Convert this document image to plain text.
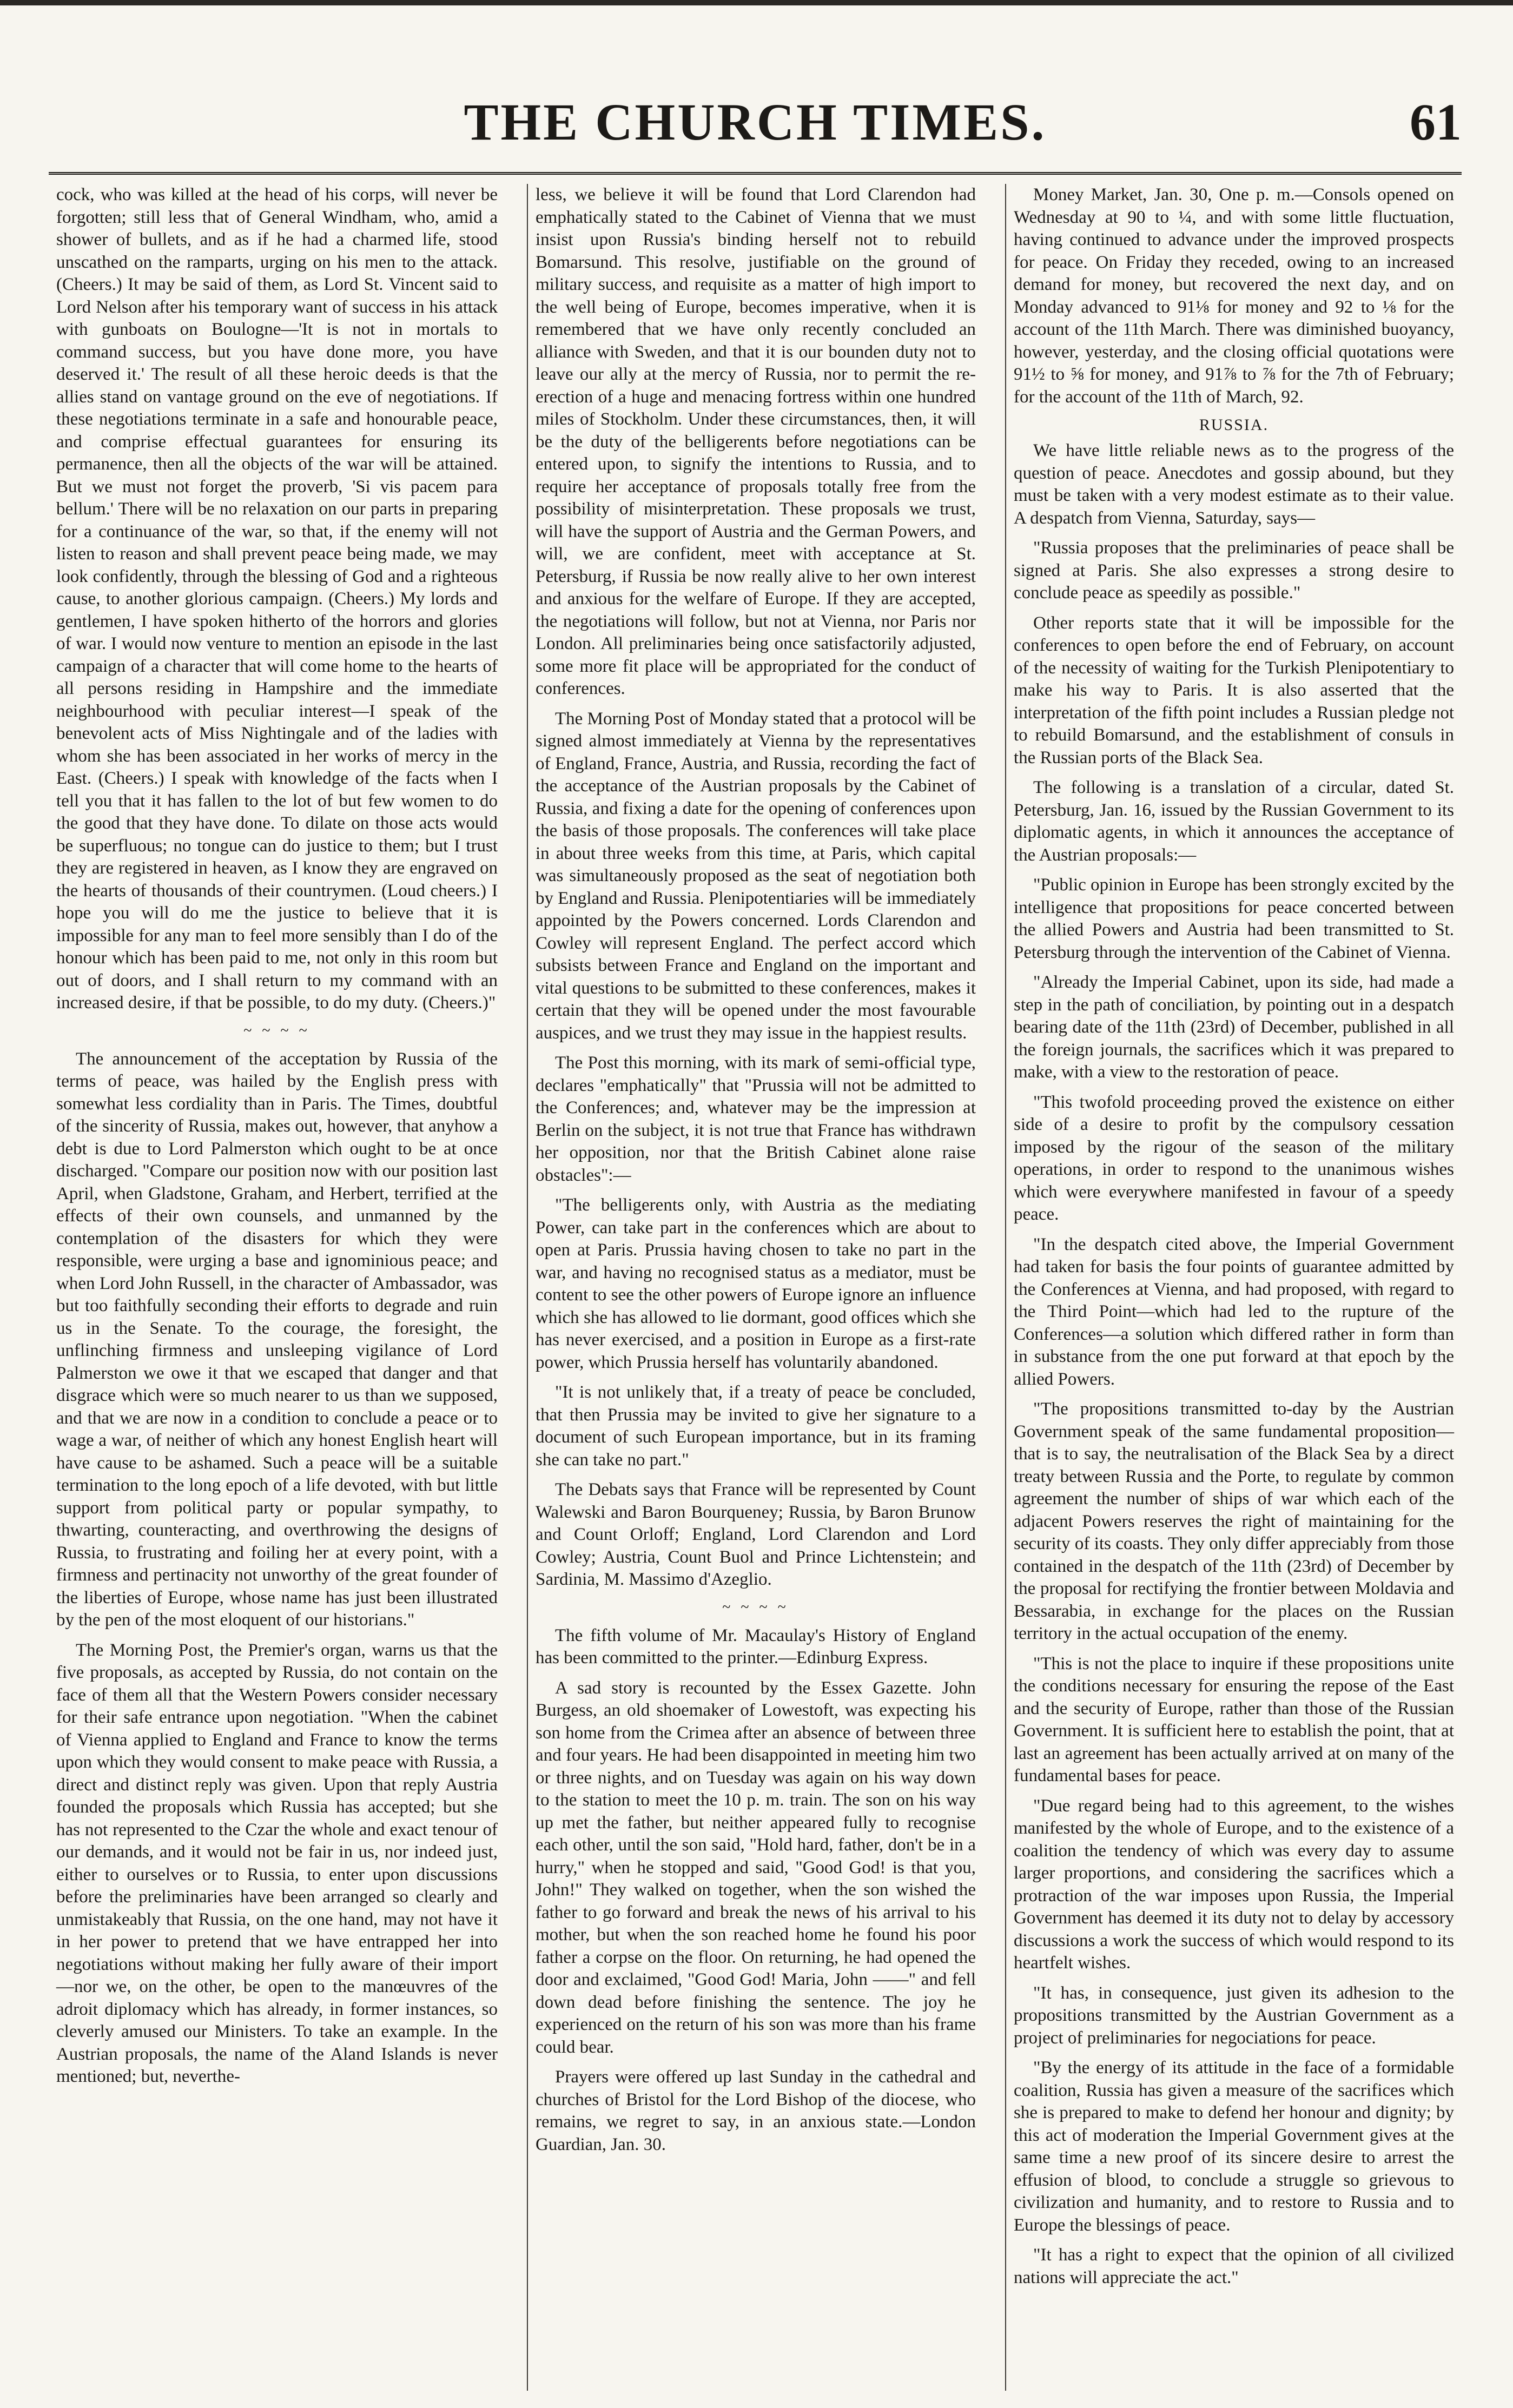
THE CHURCH TIMES.	61

cock, who was killed at the head of his corps, will never be forgotten; still less that of General Windham, who, amid a shower of bullets, and as if he had a charmed life, stood unscathed on the ramparts, urging on his men to the attack. (Cheers.) It may be said of them, as Lord St. Vincent said to Lord Nelson after his temporary want of success in his attack with gunboats on Boulogne—'It is not in mortals to command success, but you have done more, you have deserved it.' The result of all these heroic deeds is that the allies stand on vantage ground on the eve of negotiations. If these negotiations terminate in a safe and honourable peace, and comprise effectual guarantees for ensuring its permanence, then all the objects of the war will be attained. But we must not forget the proverb, 'Si vis pacem para bellum.' There will be no relaxation on our parts in preparing for a continuance of the war, so that, if the enemy will not listen to reason and shall prevent peace being made, we may look confidently, through the blessing of God and a righteous cause, to another glorious campaign. (Cheers.) My lords and gentlemen, I have spoken hitherto of the horrors and glories of war. I would now venture to mention an episode in the last campaign of a character that will come home to the hearts of all persons residing in Hampshire and the immediate neighbourhood with peculiar interest—I speak of the benevolent acts of Miss Nightingale and of the ladies with whom she has been associated in her works of mercy in the East. (Cheers.) I speak with knowledge of the facts when I tell you that it has fallen to the lot of but few women to do the good that they have done. To dilate on those acts would be superfluous; no tongue can do justice to them; but I trust they are registered in heaven, as I know they are engraved on the hearts of thousands of their countrymen. (Loud cheers.) I hope you will do me the justice to believe that it is impossible for any man to feel more sensibly than I do of the honour which has been paid to me, not only in this room but out of doors, and I shall return to my command with an increased desire, if that be possible, to do my duty. (Cheers.)"

~ ~ ~ ~

The announcement of the acceptation by Russia of the terms of peace, was hailed by the English press with somewhat less cordiality than in Paris. The Times, doubtful of the sincerity of Russia, makes out, however, that anyhow a debt is due to Lord Palmerston which ought to be at once discharged. "Compare our position now with our position last April, when Gladstone, Graham, and Herbert, terrified at the effects of their own counsels, and unmanned by the contemplation of the disasters for which they were responsible, were urging a base and ignominious peace; and when Lord John Russell, in the character of Ambassador, was but too faithfully seconding their efforts to degrade and ruin us in the Senate. To the courage, the foresight, the unflinching firmness and unsleeping vigilance of Lord Palmerston we owe it that we escaped that danger and that disgrace which were so much nearer to us than we supposed, and that we are now in a condition to conclude a peace or to wage a war, of neither of which any honest English heart will have cause to be ashamed. Such a peace will be a suitable termination to the long epoch of a life devoted, with but little support from political party or popular sympathy, to thwarting, counteracting, and overthrowing the designs of Russia, to frustrating and foiling her at every point, with a firmness and pertinacity not unworthy of the great founder of the liberties of Europe, whose name has just been illustrated by the pen of the most eloquent of our historians."

The Morning Post, the Premier's organ, warns us that the five proposals, as accepted by Russia, do not contain on the face of them all that the Western Powers consider necessary for their safe entrance upon negotiation. "When the cabinet of Vienna applied to England and France to know the terms upon which they would consent to make peace with Russia, a direct and distinct reply was given. Upon that reply Austria founded the proposals which Russia has accepted; but she has not represented to the Czar the whole and exact tenour of our demands, and it would not be fair in us, nor indeed just, either to ourselves or to Russia, to enter upon discussions before the preliminaries have been arranged so clearly and unmistakeably that Russia, on the one hand, may not have it in her power to pretend that we have entrapped her into negotiations without making her fully aware of their import—nor we, on the other, be open to the manœuvres of the adroit diplomacy which has already, in former instances, so cleverly amused our Ministers. To take an example. In the Austrian proposals, the name of the Aland Islands is never mentioned; but, neverthe-

less, we believe it will be found that Lord Clarendon had emphatically stated to the Cabinet of Vienna that we must insist upon Russia's binding herself not to rebuild Bomarsund. This resolve, justifiable on the ground of military success, and requisite as a matter of high import to the well being of Europe, becomes imperative, when it is remembered that we have only recently concluded an alliance with Sweden, and that it is our bounden duty not to leave our ally at the mercy of Russia, nor to permit the re-erection of a huge and menacing fortress within one hundred miles of Stockholm. Under these circumstances, then, it will be the duty of the belligerents before negotiations can be entered upon, to signify the intentions to Russia, and to require her acceptance of proposals totally free from the possibility of misinterpretation. These proposals we trust, will have the support of Austria and the German Powers, and will, we are confident, meet with acceptance at St. Petersburg, if Russia be now really alive to her own interest and anxious for the welfare of Europe. If they are accepted, the negotiations will follow, but not at Vienna, nor Paris nor London. All preliminaries being once satisfactorily adjusted, some more fit place will be appropriated for the conduct of conferences.

The Morning Post of Monday stated that a protocol will be signed almost immediately at Vienna by the representatives of England, France, Austria, and Russia, recording the fact of the acceptance of the Austrian proposals by the Cabinet of Russia, and fixing a date for the opening of conferences upon the basis of those proposals. The conferences will take place in about three weeks from this time, at Paris, which capital was simultaneously proposed as the seat of negotiation both by England and Russia. Plenipotentiaries will be immediately appointed by the Powers concerned. Lords Clarendon and Cowley will represent England. The perfect accord which subsists between France and England on the important and vital questions to be submitted to these conferences, makes it certain that they will be opened under the most favourable auspices, and we trust they may issue in the happiest results.

The Post this morning, with its mark of semi-official type, declares "emphatically" that "Prussia will not be admitted to the Conferences; and, whatever may be the impression at Berlin on the subject, it is not true that France has withdrawn her opposition, nor that the British Cabinet alone raise obstacles":—

"The belligerents only, with Austria as the mediating Power, can take part in the conferences which are about to open at Paris. Prussia having chosen to take no part in the war, and having no recognised status as a mediator, must be content to see the other powers of Europe ignore an influence which she has allowed to lie dormant, good offices which she has never exercised, and a position in Europe as a first-rate power, which Prussia herself has voluntarily abandoned.

"It is not unlikely that, if a treaty of peace be concluded, that then Prussia may be invited to give her signature to a document of such European importance, but in its framing she can take no part."

The Debats says that France will be represented by Count Walewski and Baron Bourqueney; Russia, by Baron Brunow and Count Orloff; England, Lord Clarendon and Lord Cowley; Austria, Count Buol and Prince Lichtenstein; and Sardinia, M. Massimo d'Azeglio.

~ ~ ~ ~

The fifth volume of Mr. Macaulay's History of England has been committed to the printer.—Edinburg Express.

A sad story is recounted by the Essex Gazette. John Burgess, an old shoemaker of Lowestoft, was expecting his son home from the Crimea after an absence of between three and four years. He had been disappointed in meeting him two or three nights, and on Tuesday was again on his way down to the station to meet the 10 p. m. train. The son on his way up met the father, but neither appeared fully to recognise each other, until the son said, "Hold hard, father, don't be in a hurry," when he stopped and said, "Good God! is that you, John!" They walked on together, when the son wished the father to go forward and break the news of his arrival to his mother, but when the son reached home he found his poor father a corpse on the floor. On returning, he had opened the door and exclaimed, "Good God! Maria, John ——" and fell down dead before finishing the sentence. The joy he experienced on the return of his son was more than his frame could bear.

Prayers were offered up last Sunday in the cathedral and churches of Bristol for the Lord Bishop of the diocese, who remains, we regret to say, in an anxious state.—London Guardian, Jan. 30.

Money Market, Jan. 30, One p. m.—Consols opened on Wednesday at 90 to ¼, and with some little fluctuation, having continued to advance under the improved prospects for peace. On Friday they receded, owing to an increased demand for money, but recovered the next day, and on Monday advanced to 91⅛ for money and 92 to ⅛ for the account of the 11th March. There was diminished buoyancy, however, yesterday, and the closing official quotations were 91½ to ⅝ for money, and 91⅞ to ⅞ for the 7th of February; for the account of the 11th of March, 92.

RUSSIA.

We have little reliable news as to the progress of the question of peace. Anecdotes and gossip abound, but they must be taken with a very modest estimate as to their value. A despatch from Vienna, Saturday, says—

"Russia proposes that the preliminaries of peace shall be signed at Paris. She also expresses a strong desire to conclude peace as speedily as possible."

Other reports state that it will be impossible for the conferences to open before the end of February, on account of the necessity of waiting for the Turkish Plenipotentiary to make his way to Paris. It is also asserted that the interpretation of the fifth point includes a Russian pledge not to rebuild Bomarsund, and the establishment of consuls in the Russian ports of the Black Sea.

The following is a translation of a circular, dated St. Petersburg, Jan. 16, issued by the Russian Government to its diplomatic agents, in which it announces the acceptance of the Austrian proposals:—

"Public opinion in Europe has been strongly excited by the intelligence that propositions for peace concerted between the allied Powers and Austria had been transmitted to St. Petersburg through the intervention of the Cabinet of Vienna.

"Already the Imperial Cabinet, upon its side, had made a step in the path of conciliation, by pointing out in a despatch bearing date of the 11th (23rd) of December, published in all the foreign journals, the sacrifices which it was prepared to make, with a view to the restoration of peace.

"This twofold proceeding proved the existence on either side of a desire to profit by the compulsory cessation imposed by the rigour of the season of the military operations, in order to respond to the unanimous wishes which were everywhere manifested in favour of a speedy peace.

"In the despatch cited above, the Imperial Government had taken for basis the four points of guarantee admitted by the Conferences at Vienna, and had proposed, with regard to the Third Point—which had led to the rupture of the Conferences—a solution which differed rather in form than in substance from the one put forward at that epoch by the allied Powers.

"The propositions transmitted to-day by the Austrian Government speak of the same fundamental proposition—that is to say, the neutralisation of the Black Sea by a direct treaty between Russia and the Porte, to regulate by common agreement the number of ships of war which each of the adjacent Powers reserves the right of maintaining for the security of its coasts. They only differ appreciably from those contained in the despatch of the 11th (23rd) of December by the proposal for rectifying the frontier between Moldavia and Bessarabia, in exchange for the places on the Russian territory in the actual occupation of the enemy.

"This is not the place to inquire if these propositions unite the conditions necessary for ensuring the repose of the East and the security of Europe, rather than those of the Russian Government. It is sufficient here to establish the point, that at last an agreement has been actually arrived at on many of the fundamental bases for peace.

"Due regard being had to this agreement, to the wishes manifested by the whole of Europe, and to the existence of a coalition the tendency of which was every day to assume larger proportions, and considering the sacrifices which a protraction of the war imposes upon Russia, the Imperial Government has deemed it its duty not to delay by accessory discussions a work the success of which would respond to its heartfelt wishes.

"It has, in consequence, just given its adhesion to the propositions transmitted by the Austrian Government as a project of preliminaries for negociations for peace.

"By the energy of its attitude in the face of a formidable coalition, Russia has given a measure of the sacrifices which she is prepared to make to defend her honour and dignity; by this act of moderation the Imperial Government gives at the same time a new proof of its sincere desire to arrest the effusion of blood, to conclude a struggle so grievous to civilization and humanity, and to restore to Russia and to Europe the blessings of peace.

"It has a right to expect that the opinion of all civilized nations will appreciate the act."
